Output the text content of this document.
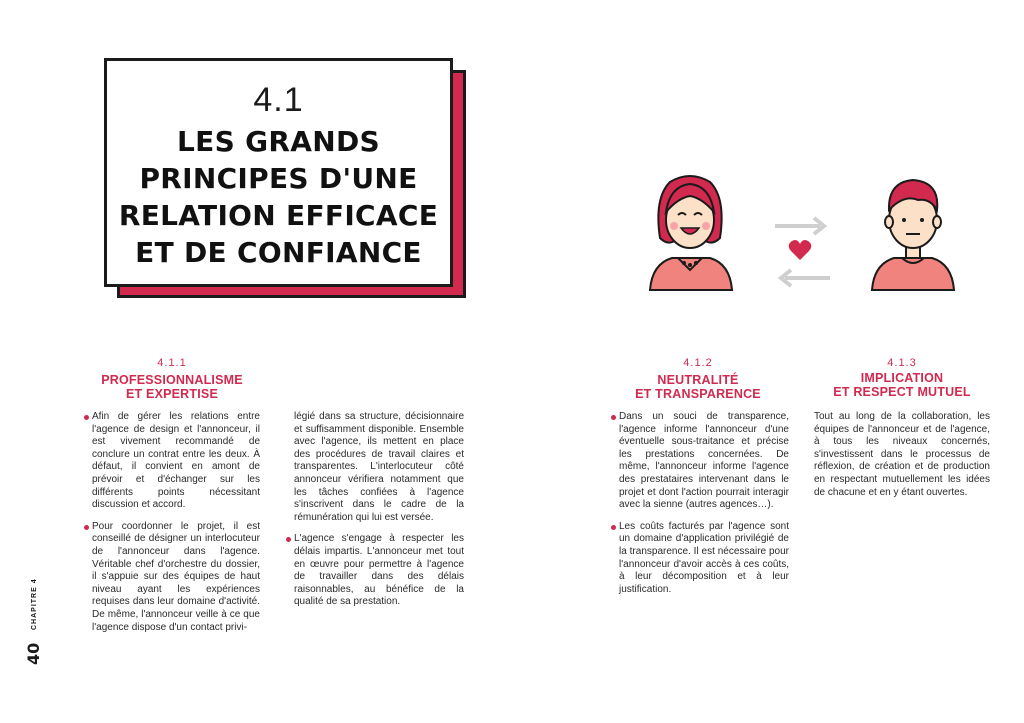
4.1
LES GRANDS
PRINCIPES D'UNE
RELATION EFFICACE
ET DE CONFIANCE
4.1.1
PROFESSIONNALISME
ET EXPERTISE

Afin de gérer les relations entre l'agence de design et l'annonceur, il est vivement recommandé de conclure un contrat entre les deux. À défaut, il convient en amont de prévoir et d'échanger sur les différents points nécessitant discussion et accord.

Pour coordonner le projet, il est conseillé de désigner un interlocuteur de l'annonceur dans l'agence. Véritable chef d'orchestre du dossier, il s'appuie sur des équipes de haut niveau ayant les expériences requises dans leur domaine d'activité. De même, l'annonceur veille à ce que l'agence dispose d'un contact privi-

légié dans sa structure, décisionnaire et suffisamment disponible. Ensemble avec l'agence, ils mettent en place des procédures de travail claires et transparentes. L'interlocuteur côté annonceur vérifiera notamment que les tâches confiées à l'agence s'inscrivent dans le cadre de la rémunération qui lui est versée.

L'agence s'engage à respecter les délais impartis. L'annonceur met tout en œuvre pour permettre à l'agence de travailler dans des délais raisonnables, au bénéfice de la qualité de sa prestation.

4.1.2
NEUTRALITÉ
ET TRANSPARENCE

Dans un souci de transparence, l'agence informe l'annonceur d'une éventuelle sous-traitance et précise les prestations concernées. De même, l'annonceur informe l'agence des prestataires intervenant dans le projet et dont l'action pourrait interagir avec la sienne (autres agences…).

Les coûts facturés par l'agence sont un domaine d'application privilégié de la transparence. Il est nécessaire pour l'annonceur d'avoir accès à ces coûts, à leur décomposition et à leur justification.

4.1.3
IMPLICATION
ET RESPECT MUTUEL

Tout au long de la collaboration, les équipes de l'annonceur et de l'agence, à tous les niveaux concernés, s'investissent dans le processus de réflexion, de création et de production en respectant mutuellement les idées de chacune et en y étant ouvertes.

CHAPITRE 4
40
